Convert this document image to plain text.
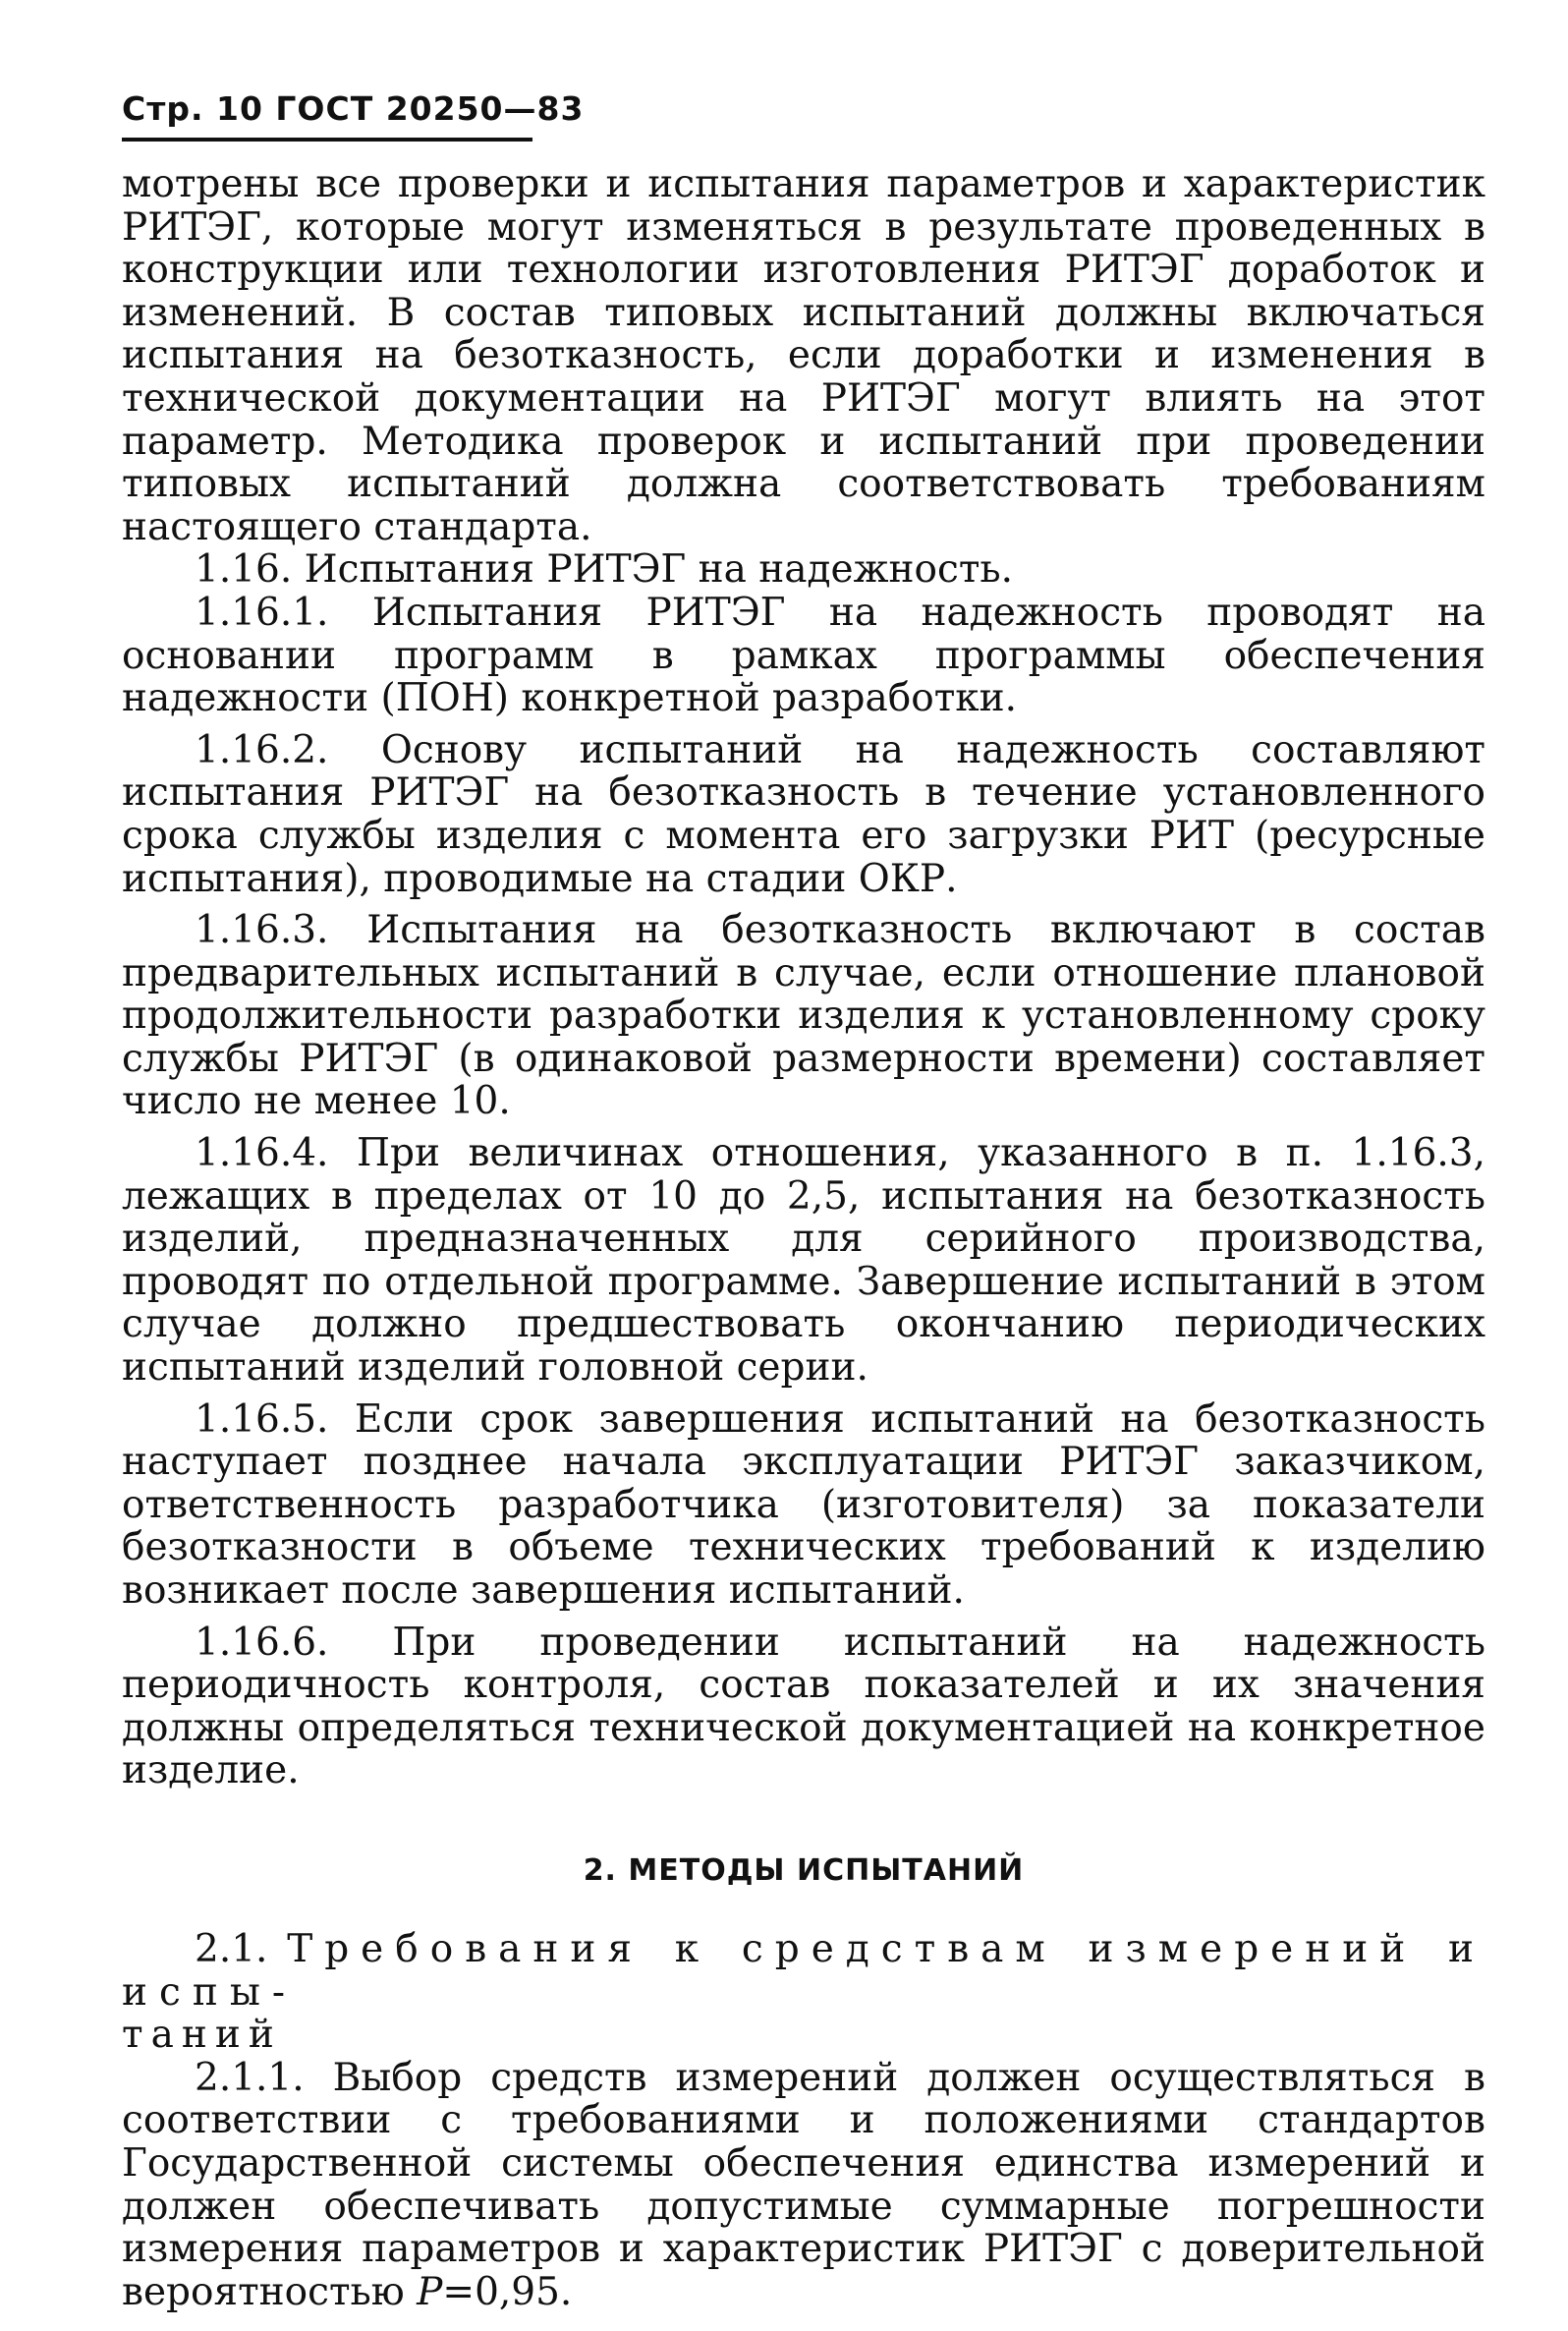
Стр. 10 ГОСТ 20250—83

мотрены все проверки и испытания параметров и характеристик РИТЭГ, которые могут изменяться в результате проведенных в конструкции или технологии изготовления РИТЭГ доработок и изменений. В состав типовых испытаний должны включаться испытания на безотказность, если доработки и изменения в технической документации на РИТЭГ могут влиять на этот параметр. Методика проверок и испытаний при проведении типовых испытаний должна соответствовать требованиям настоящего стандарта.

1.16. Испытания РИТЭГ на надежность.

1.16.1. Испытания РИТЭГ на надежность проводят на основании программ в рамках программы обеспечения надежности (ПОН) конкретной разработки.

1.16.2. Основу испытаний на надежность составляют испытания РИТЭГ на безотказность в течение установленного срока службы изделия с момента его загрузки РИТ (ресурсные испытания), проводимые на стадии ОКР.

1.16.3. Испытания на безотказность включают в состав предварительных испытаний в случае, если отношение плановой продолжительности разработки изделия к установленному сроку службы РИТЭГ (в одинаковой размерности времени) составляет число не менее 10.

1.16.4. При величинах отношения, указанного в п. 1.16.3, лежащих в пределах от 10 до 2,5, испытания на безотказность изделий, предназначенных для серийного производства, проводят по отдельной программе. Завершение испытаний в этом случае должно предшествовать окончанию периодических испытаний изделий головной серии.

1.16.5. Если срок завершения испытаний на безотказность наступает позднее начала эксплуатации РИТЭГ заказчиком, ответственность разработчика (изготовителя) за показатели безотказности в объеме технических требований к изделию возникает после завершения испытаний.

1.16.6. При проведении испытаний на надежность периодичность контроля, состав показателей и их значения должны определяться технической документацией на конкретное изделие.

2. МЕТОДЫ ИСПЫТАНИЙ

2.1. Требования к средствам измерений и испы-
таний

2.1.1. Выбор средств измерений должен осуществляться в соответствии с требованиями и положениями стандартов Государственной системы обеспечения единства измерений и должен обеспечивать допустимые суммарные погрешности измерения параметров и характеристик РИТЭГ с доверительной вероятностью P=0,95.
